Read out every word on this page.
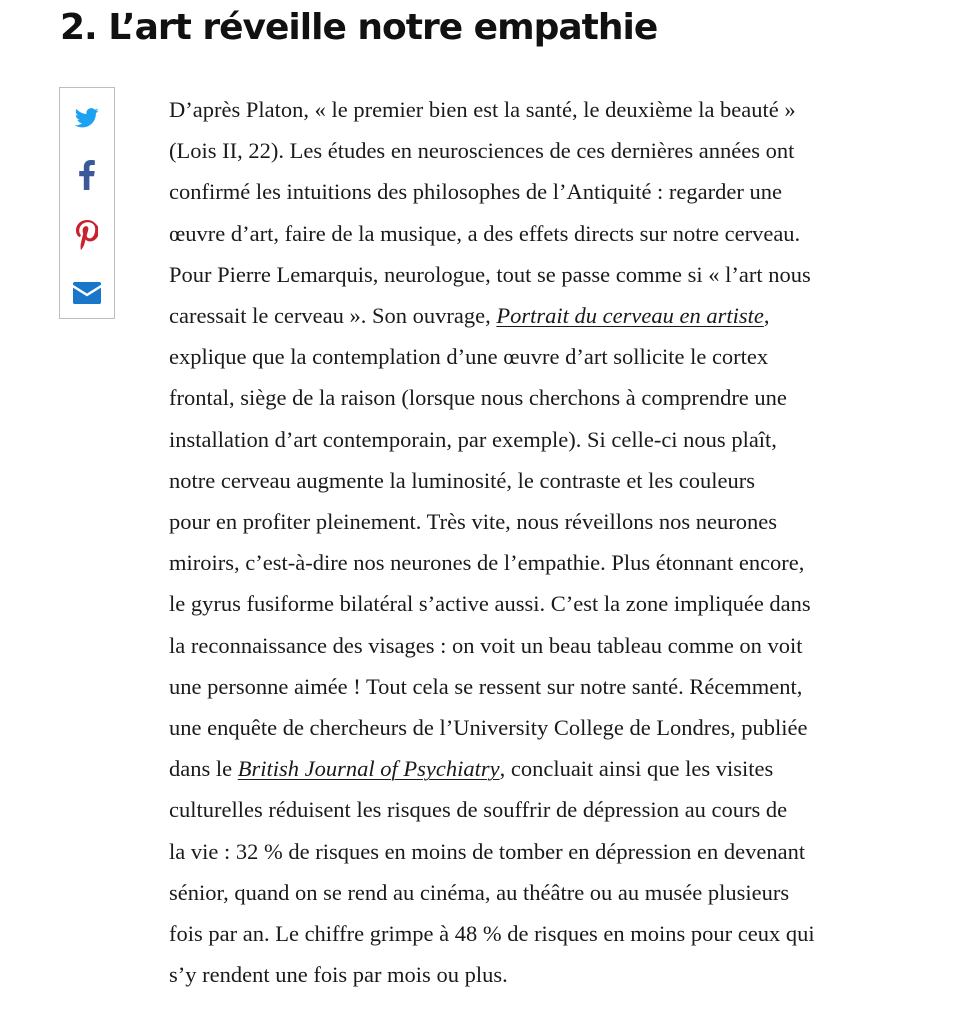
2. L’art réveille notre empathie
D’après Platon, « le premier bien est la santé, le deuxième la beauté »
(Lois II, 22). Les études en neurosciences de ces dernières années ont
confirmé les intuitions des philosophes de l’Antiquité : regarder une
œuvre d’art, faire de la musique, a des effets directs sur notre cerveau.
Pour Pierre Lemarquis, neurologue, tout se passe comme si « l’art nous
caressait le cerveau ». Son ouvrage, Portrait du cerveau en artiste,
explique que la contemplation d’une œuvre d’art sollicite le cortex
frontal, siège de la raison (lorsque nous cherchons à comprendre une
installation d’art contemporain, par exemple). Si celle-ci nous plaît,
notre cerveau augmente la luminosité, le contraste et les couleurs
pour en profiter pleinement. Très vite, nous réveillons nos neurones
miroirs, c’est-à-dire nos neurones de l’empathie. Plus étonnant encore,
le gyrus fusiforme bilatéral s’active aussi. C’est la zone impliquée dans
la reconnaissance des visages : on voit un beau tableau comme on voit
une personne aimée ! Tout cela se ressent sur notre santé. Récemment,
une enquête de chercheurs de l’University College de Londres, publiée
dans le British Journal of Psychiatry, concluait ainsi que les visites
culturelles réduisent les risques de souffrir de dépression au cours de
la vie : 32 % de risques en moins de tomber en dépression en devenant
sénior, quand on se rend au cinéma, au théâtre ou au musée plusieurs
fois par an. Le chiffre grimpe à 48 % de risques en moins pour ceux qui
s’y rendent une fois par mois ou plus.
